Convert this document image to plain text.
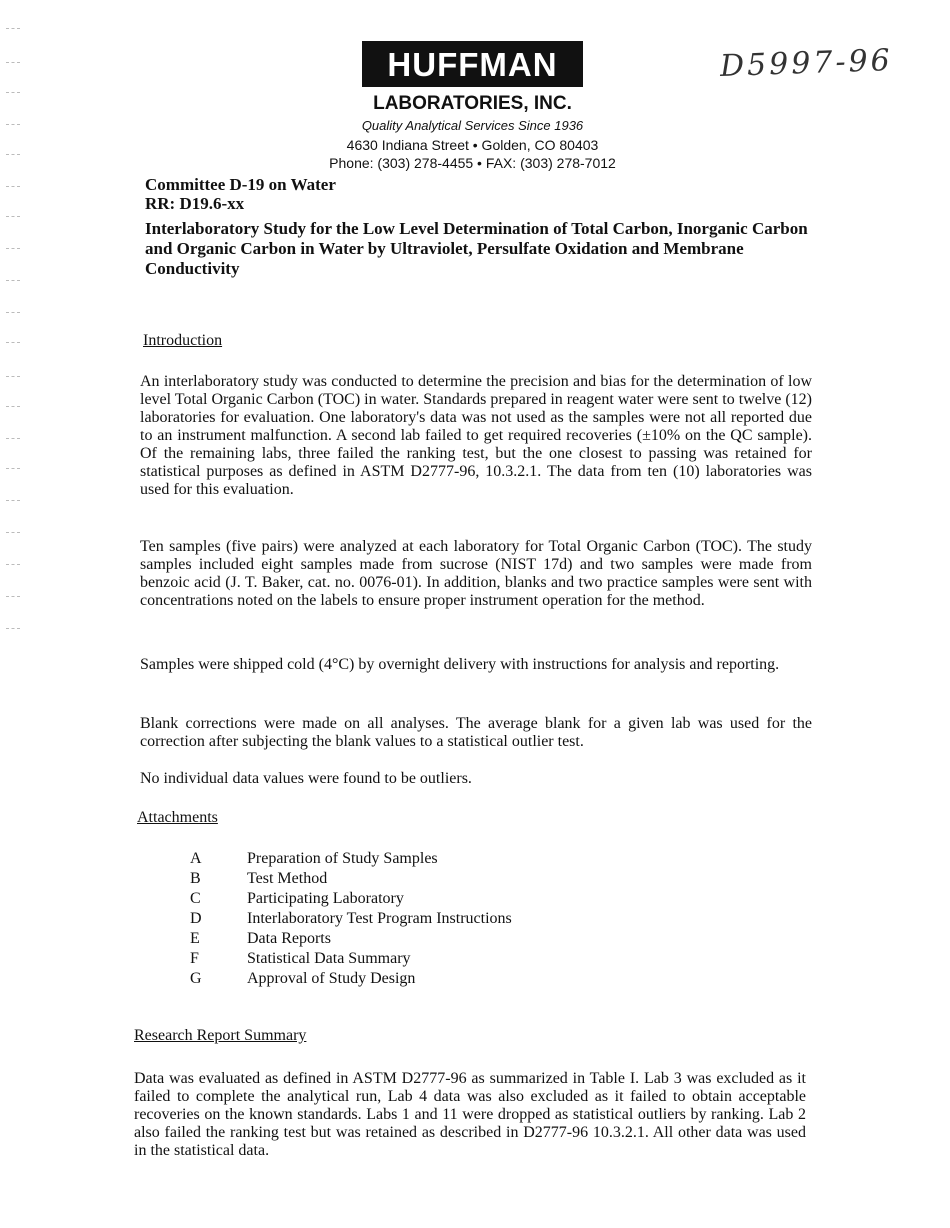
HUFFMAN
LABORATORIES, INC.
Quality Analytical Services Since 1936
4630 Indiana Street • Golden, CO 80403
Phone: (303) 278-4455 • FAX: (303) 278-7012
D5997-96
Committee D-19 on Water
RR: D19.6-xx
Interlaboratory Study for the Low Level Determination of Total Carbon, Inorganic Carbon and Organic Carbon in Water by Ultraviolet, Persulfate Oxidation and Membrane Conductivity
Introduction
An interlaboratory study was conducted to determine the precision and bias for the determination of low level Total Organic Carbon (TOC) in water. Standards prepared in reagent water were sent to twelve (12) laboratories for evaluation. One laboratory's data was not used as the samples were not all reported due to an instrument malfunction. A second lab failed to get required recoveries (±10% on the QC sample). Of the remaining labs, three failed the ranking test, but the one closest to passing was retained for statistical purposes as defined in ASTM D2777-96, 10.3.2.1. The data from ten (10) laboratories was used for this evaluation.
Ten samples (five pairs) were analyzed at each laboratory for Total Organic Carbon (TOC). The study samples included eight samples made from sucrose (NIST 17d) and two samples were made from benzoic acid (J. T. Baker, cat. no. 0076-01). In addition, blanks and two practice samples were sent with concentrations noted on the labels to ensure proper instrument operation for the method.
Samples were shipped cold (4°C) by overnight delivery with instructions for analysis and reporting.
Blank corrections were made on all analyses. The average blank for a given lab was used for the correction after subjecting the blank values to a statistical outlier test.
No individual data values were found to be outliers.
Attachments
A	Preparation of Study Samples
B	Test Method
C	Participating Laboratory
D	Interlaboratory Test Program Instructions
E	Data Reports
F	Statistical Data Summary
G	Approval of Study Design
Research Report Summary
Data was evaluated as defined in ASTM D2777-96 as summarized in Table I. Lab 3 was excluded as it failed to complete the analytical run, Lab 4 data was also excluded as it failed to obtain acceptable recoveries on the known standards. Labs 1 and 11 were dropped as statistical outliers by ranking. Lab 2 also failed the ranking test but was retained as described in D2777-96 10.3.2.1. All other data was used in the statistical data.
